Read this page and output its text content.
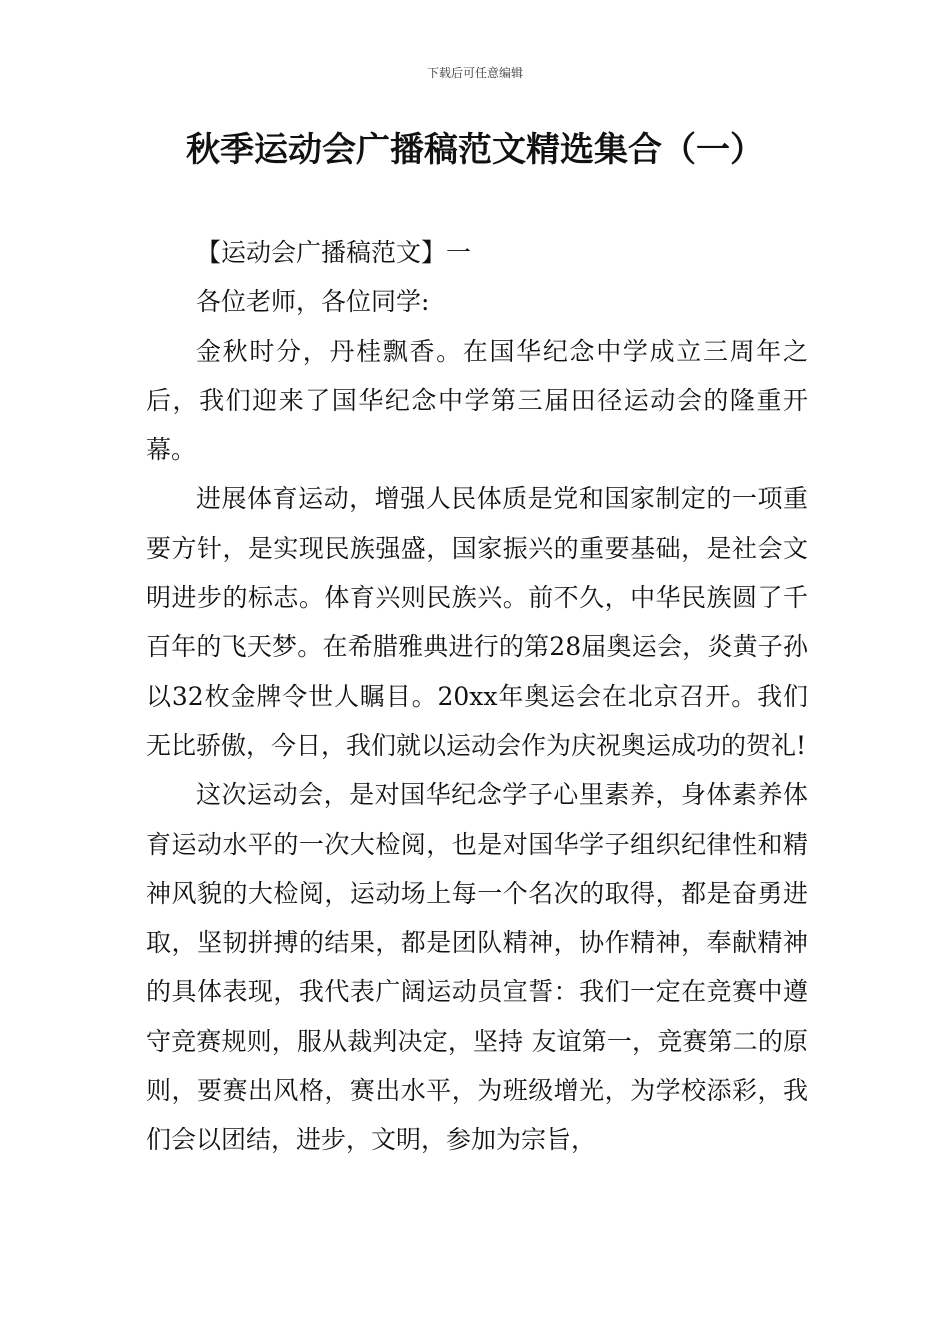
下载后可任意编辑
秋季运动会广播稿范文精选集合（一）

【运动会广播稿范文】一

各位老师，各位同学:

金秋时分，丹桂飘香。在国华纪念中学成立三周年之后，我们迎来了国华纪念中学第三届田径运动会的隆重开幕。

进展体育运动，增强人民体质是党和国家制定的一项重要方针，是实现民族强盛，国家振兴的重要基础，是社会文明进步的标志。体育兴则民族兴。前不久，中华民族圆了千百年的飞天梦。在希腊雅典进行的第28届奥运会，炎黄子孙以32枚金牌令世人瞩目。20xx年奥运会在北京召开。我们无比骄傲，今日，我们就以运动会作为庆祝奥运成功的贺礼!

这次运动会，是对国华纪念学子心里素养，身体素养体育运动水平的一次大检阅，也是对国华学子组织纪律性和精神风貌的大检阅，运动场上每一个名次的取得，都是奋勇进取，坚韧拼搏的结果，都是团队精神，协作精神，奉献精神的具体表现，我代表广阔运动员宣誓：我们一定在竞赛中遵守竞赛规则，服从裁判决定，坚持 友谊第一，竞赛第二的原则，要赛出风格，赛出水平，为班级增光，为学校添彩，我们会以团结，进步，文明，参加为宗旨，
